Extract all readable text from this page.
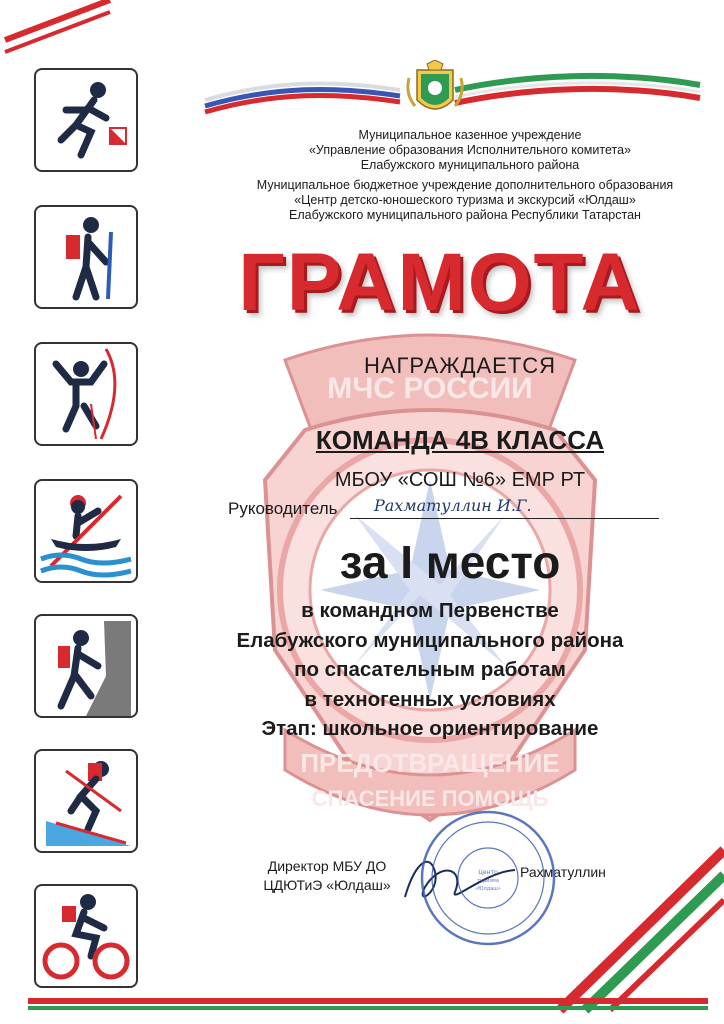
Муниципальное казенное учреждение
«Управление образования Исполнительного комитета»
Елабужского муниципального района
Муниципальное бюджетное учреждение дополнительного образования
«Центр детско-юношеского туризма и экскурсий «Юлдаш»
Елабужского муниципального района Республики Татарстан
МЧС РОССИИ
ПРЕДОТВРАЩЕНИЕ
СПАСЕНИЕ ПОМОЩЬ
ГРАМОТА
НАГРАЖДАЕТСЯ
КОМАНДА 4В КЛАССА
МБОУ «СОШ №6» ЕМР РТ
Руководитель	Рахматуллин И.Г.
за I место
в командном Первенстве
Елабужского муниципального района
по спасательным работам
в техногенных условиях
Этап: школьное ориентирование
Директор МБУ ДО
ЦДЮТиЭ «Юлдаш»
Рахматуллин
Центр
туризма
«Юлдаш»
